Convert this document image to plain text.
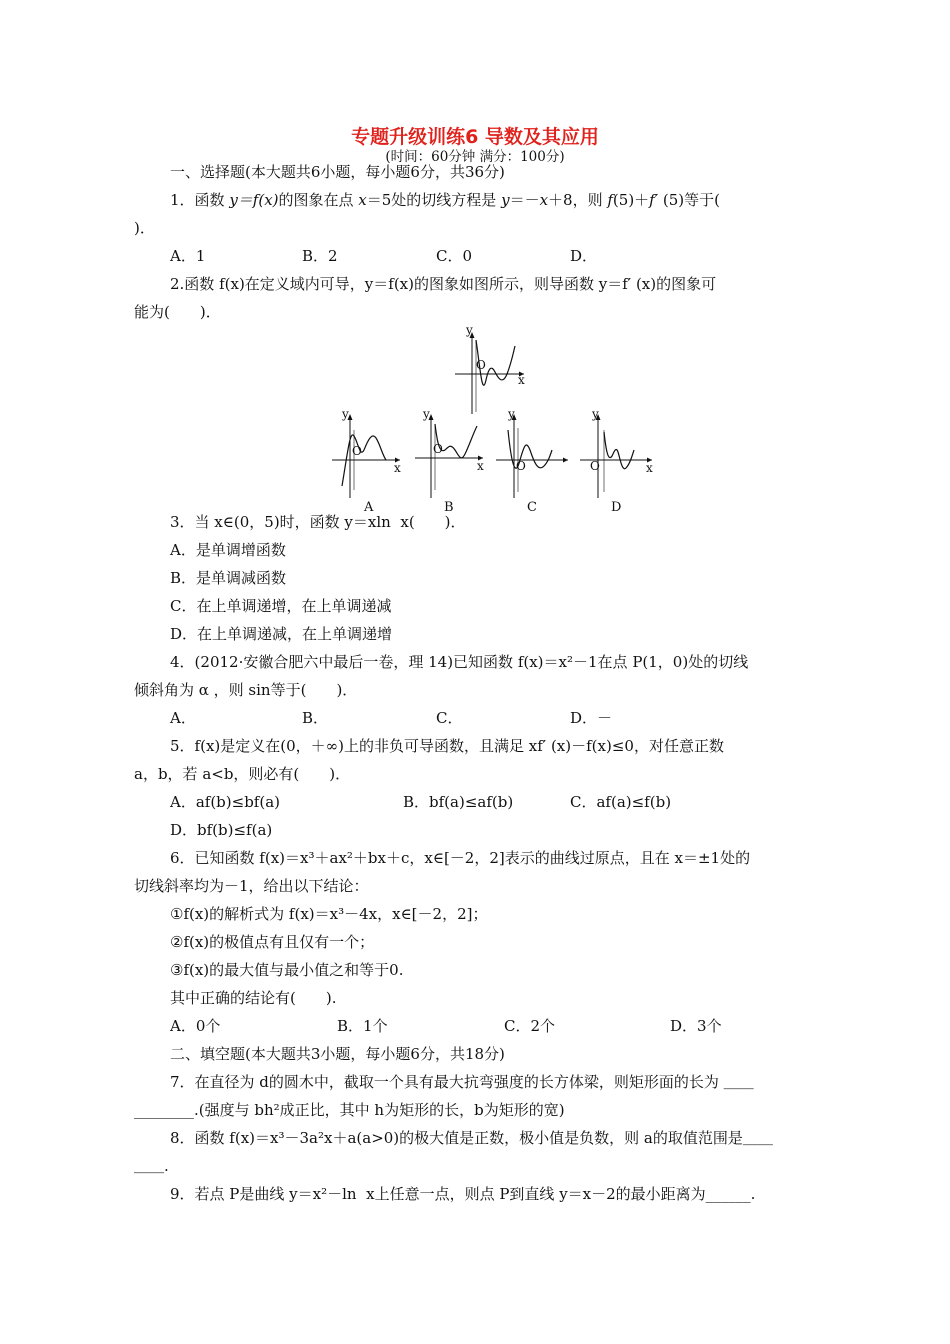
专题升级训练6 导数及其应用
(时间：60分钟 满分：100分)
一、选择题(本大题共6小题，每小题6分，共36分)
1．函数 y＝f(x)的图象在点 x＝5处的切线方程是 y＝－x＋8，则 f(5)＋f′ (5)等于(
)．
A．1	B．2	C．0	D．
2.函数 f(x)在定义域内可导，y＝f(x)的图象如图所示，则导函数 y＝f′ (x)的图象可
能为(　　)．
y
x
O
y
x
O
A
y
x
O
B
y
O
C
y
x
O
D
3．当 x∈(0，5)时，函数 y＝xln  x(　　)．
A．是单调增函数
B．是单调减函数
C．在上单调递增，在上单调递减
D．在上单调递减，在上单调递增
4．(2012·安徽合肥六中最后一卷，理 14)已知函数 f(x)＝x²－1在点 P(1，0)处的切线
倾斜角为 α ，则 sin等于(　　)．
A．	B．	C．	D．－
5．f(x)是定义在(0，＋∞)上的非负可导函数，且满足 xf′ (x)－f(x)≤0，对任意正数
a，b，若 a<b，则必有(　　)．
A．af(b)≤bf(a)	B．bf(a)≤af(b)	C．af(a)≤f(b)
D．bf(b)≤f(a)
6．已知函数 f(x)＝x³＋ax²＋bx＋c，x∈[－2，2]表示的曲线过原点，且在 x＝±1处的
切线斜率均为－1，给出以下结论：
①f(x)的解析式为 f(x)＝x³－4x，x∈[－2，2]；
②f(x)的极值点有且仅有一个；
③f(x)的最大值与最小值之和等于0.
其中正确的结论有(　　).
A．0个	B．1个	C．2个	D．3个
二、填空题(本大题共3小题，每小题6分，共18分)
7．在直径为 d的圆木中，截取一个具有最大抗弯强度的长方体梁，则矩形面的长为 ＿＿
________.(强度与 bh²成正比，其中 h为矩形的长，b为矩形的宽)
8．函数 f(x)＝x³－3a²x＋a(a>0)的极大值是正数，极小值是负数，则 a的取值范围是＿＿
＿＿.
9．若点 P是曲线 y＝x²－ln  x上任意一点，则点 P到直线 y＝x－2的最小距离为______.
